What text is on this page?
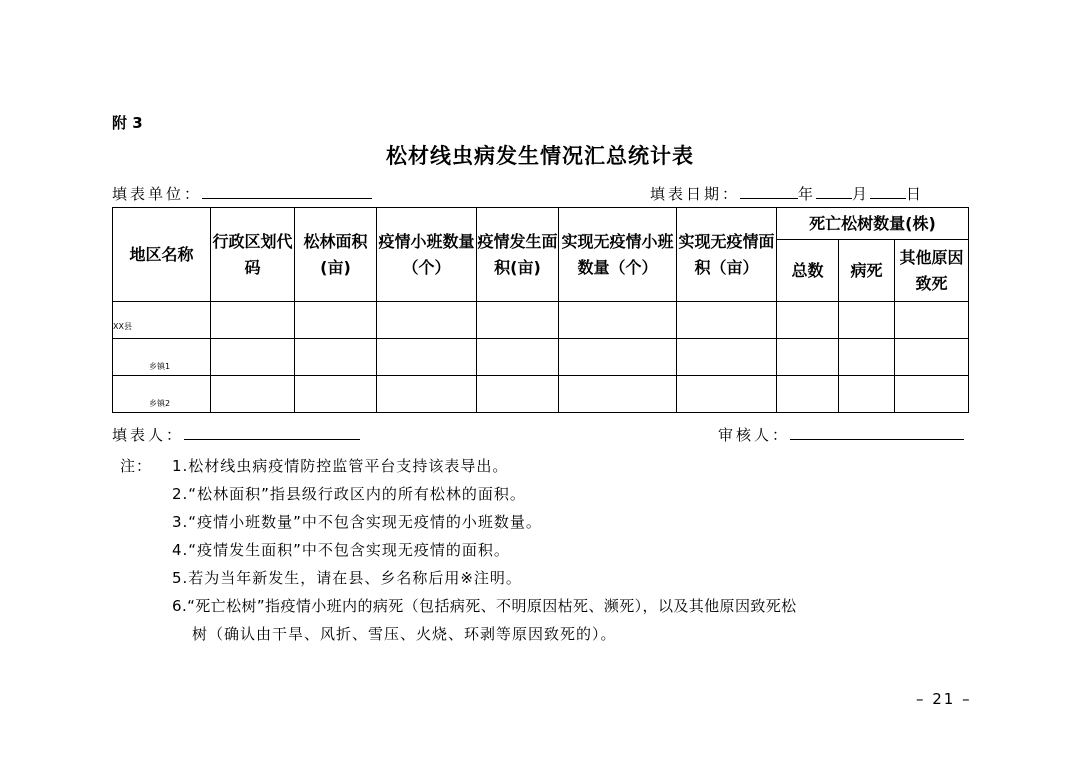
附 3
松材线虫病发生情况汇总统计表
填表单位：	填表日期：	年 月 日
地区名称	行政区划代码	松林面积(亩)	疫情小班数量（个）	疫情发生面积(亩)	实现无疫情小班数量（个）	实现无疫情面积（亩）	死亡松树数量(株)		
							总数	病死	其他原因致死

XX县									

乡镇1									

乡镇2									

填表人：	审核人：
注： 1.松材线虫病疫情防控监管平台支持该表导出。
2.“松林面积”指县级行政区内的所有松林的面积。
3.“疫情小班数量”中不包含实现无疫情的小班数量。
4.“疫情发生面积”中不包含实现无疫情的面积。
5.若为当年新发生，请在县、乡名称后用※注明。
6.“死亡松树”指疫情小班内的病死（包括病死、不明原因枯死、濒死），以及其他原因致死松
树（确认由干旱、风折、雪压、火烧、环剥等原因致死的）。
– 21 –
